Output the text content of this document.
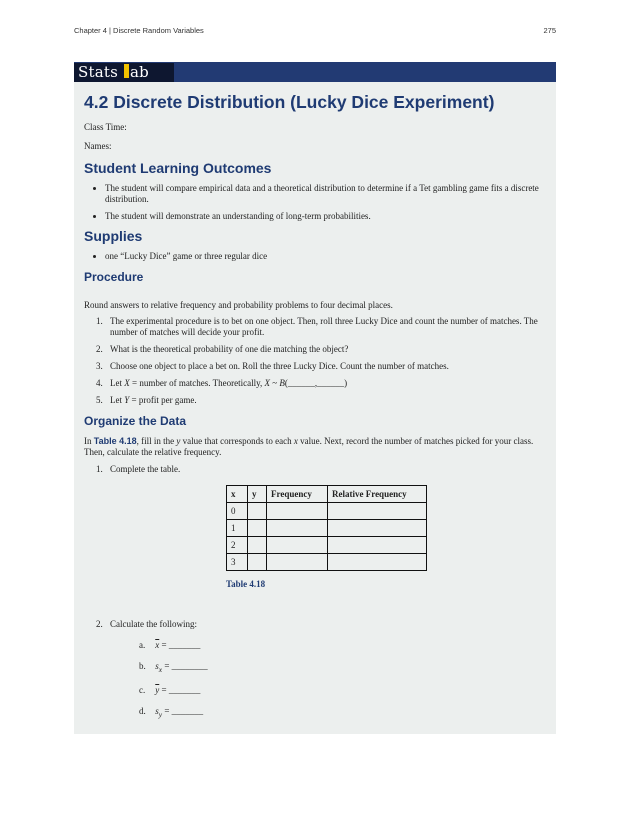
Chapter 4 | Discrete Random Variables	275
Stats ab
4.2 Discrete Distribution (Lucky Dice Experiment)

Class Time:

Names:

Student Learning Outcomes
• The student will compare empirical data and a theoretical distribution to determine if a Tet gambling game fits a discrete distribution.
• The student will demonstrate an understanding of long-term probabilities.
Supplies
• one “Lucky Dice” game or three regular dice
Procedure

Round answers to relative frequency and probability problems to four decimal places.

1. The experimental procedure is to bet on one object. Then, roll three Lucky Dice and count the number of matches. The number of matches will decide your profit.
2. What is the theoretical probability of one die matching the object?
3. Choose one object to place a bet on. Roll the three Lucky Dice. Count the number of matches.
4. Let X = number of matches. Theoretically, X ~ B(______,______)
5. Let Y = profit per game.
Organize the Data

In Table 4.18, fill in the y value that corresponds to each x value. Next, record the number of matches picked for your class. Then, calculate the relative frequency.

1. Complete the table.
x	y	Frequency	Relative Frequency
0			
1			
2			
3			
Table 4.18
2. Calculate the following:
a. $\overline{x}$ = _______
b. $s_x$ = ________
c. $\overline{y}$ = _______
d. $s_y$ = _______
